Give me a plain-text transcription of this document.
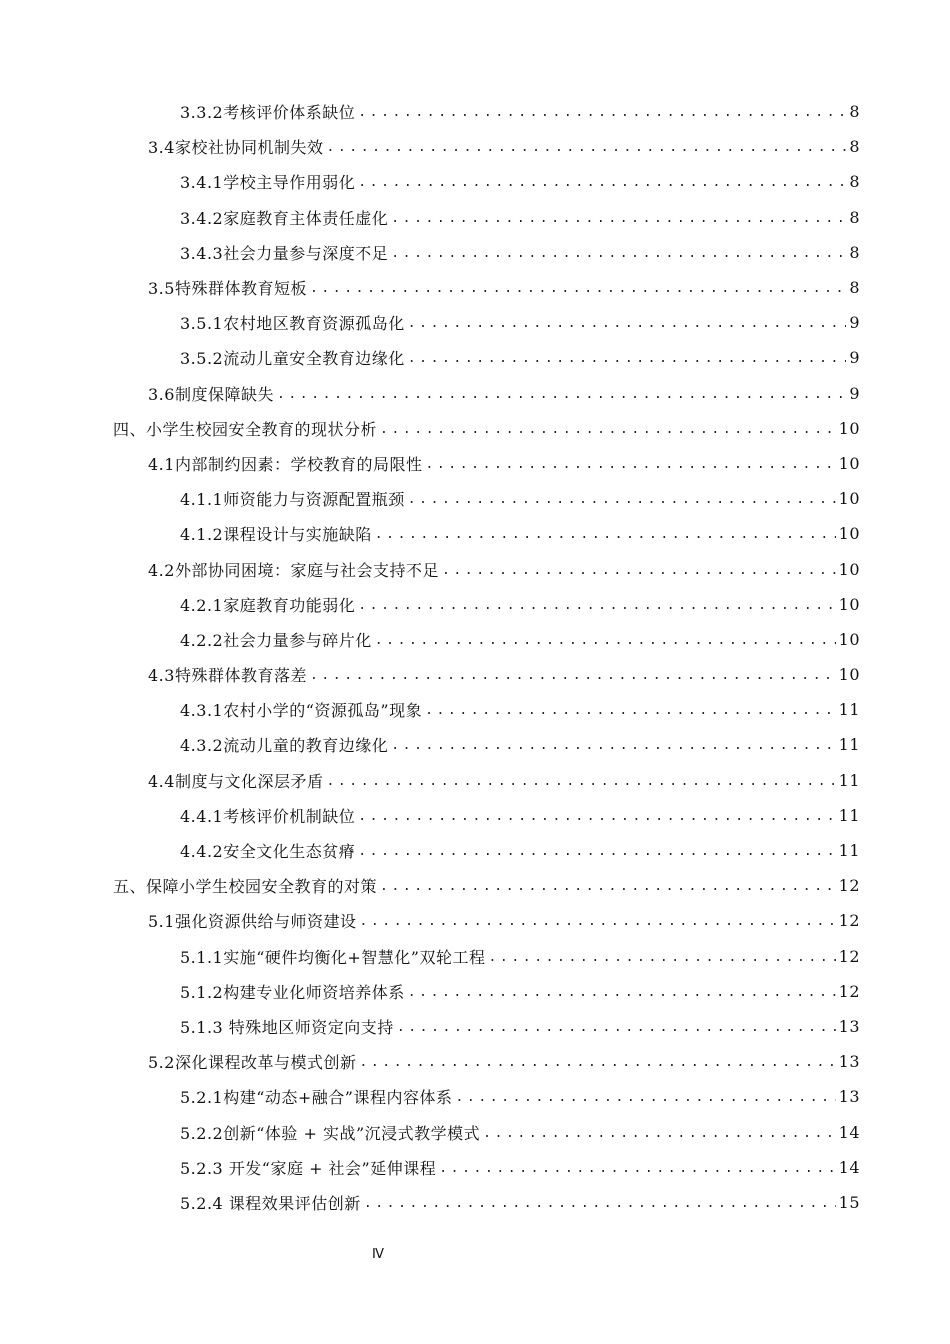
3.3.2考核评价体系缺位 .....	8
3.4家校社协同机制失效 .....	8
3.4.1学校主导作用弱化 .....	8
3.4.2家庭教育主体责任虚化 .....	8
3.4.3社会力量参与深度不足 .....	8
3.5特殊群体教育短板 .....	8
3.5.1农村地区教育资源孤岛化 .....	9
3.5.2流动儿童安全教育边缘化 .....	9
3.6制度保障缺失 .....	9
四、小学生校园安全教育的现状分析 .....	10
4.1内部制约因素：学校教育的局限性 .....	10
4.1.1师资能力与资源配置瓶颈 .....	10
4.1.2课程设计与实施缺陷 .....	10
4.2外部协同困境：家庭与社会支持不足 .....	10
4.2.1家庭教育功能弱化 .....	10
4.2.2社会力量参与碎片化 .....	10
4.3特殊群体教育落差 .....	10
4.3.1农村小学的“资源孤岛”现象 .....	11
4.3.2流动儿童的教育边缘化 .....	11
4.4制度与文化深层矛盾 .....	11
4.4.1考核评价机制缺位 .....	11
4.4.2安全文化生态贫瘠 .....	11
五、保障小学生校园安全教育的对策 .....	12
5.1强化资源供给与师资建设 .....	12
5.1.1实施“硬件均衡化+智慧化”双轮工程 .....	12
5.1.2构建专业化师资培养体系 .....	12
5.1.3 特殊地区师资定向支持 .....	13
5.2深化课程改革与模式创新 .....	13
5.2.1构建“动态+融合”课程内容体系 .....	13
5.2.2创新“体验 + 实战”沉浸式教学模式 .....	14
5.2.3 开发“家庭 + 社会”延伸课程 .....	14
5.2.4 课程效果评估创新 .....	15
Ⅳ
